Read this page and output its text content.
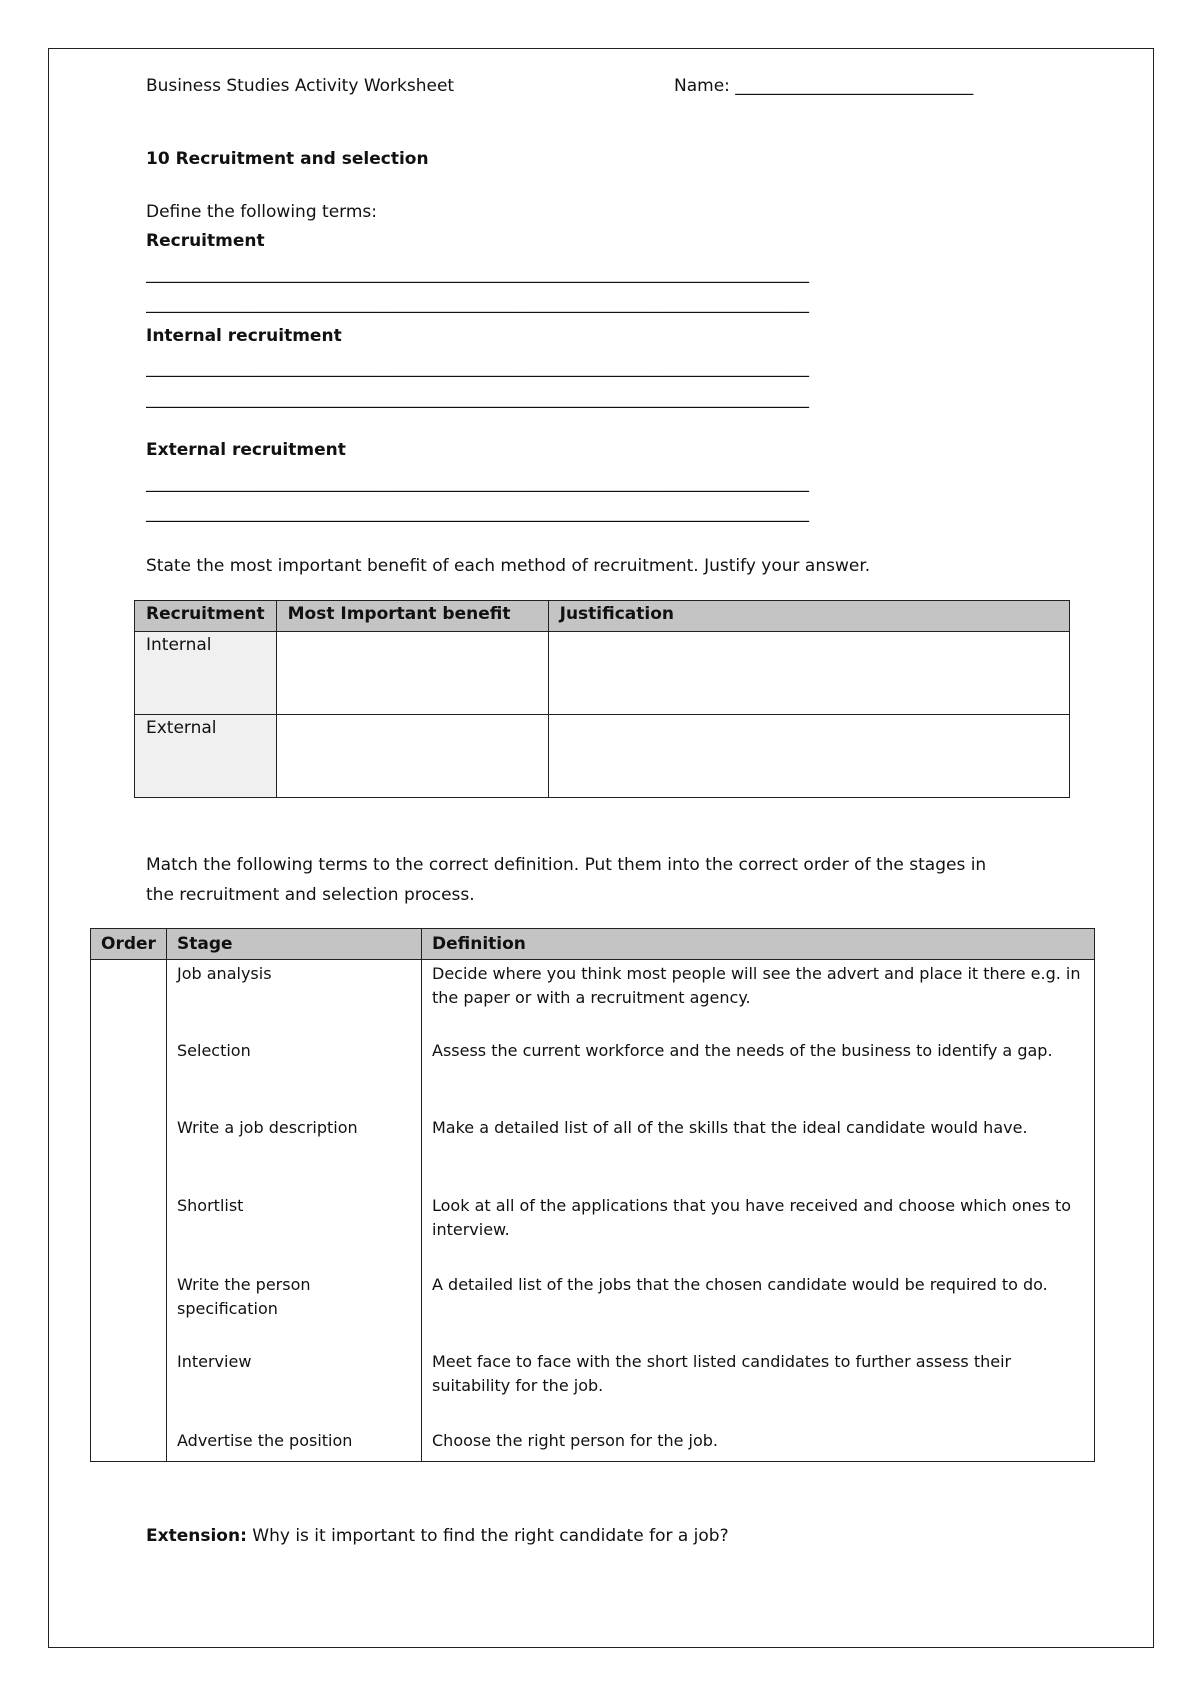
Business Studies Activity Worksheet	Name: ____________________________
10 Recruitment and selection
Define the following terms:
Recruitment
______________________________________________________________________________
______________________________________________________________________________
Internal recruitment
______________________________________________________________________________
______________________________________________________________________________
External recruitment
______________________________________________________________________________
______________________________________________________________________________
State the most important benefit of each method of recruitment. Justify your answer.
Recruitment	Most Important benefit	Justification
Internal		
External		
Match the following terms to the correct definition. Put them into the correct order of the stages in
the recruitment and selection process.
Order	Stage	Definition
	Job analysis	Decide where you think most people will see the advert and place it there e.g. in the paper or with a recruitment agency.
	Selection	Assess the current workforce and the needs of the business to identify a gap.
	Write a job description	Make a detailed list of all of the skills that the ideal candidate would have.
	Shortlist	Look at all of the applications that you have received and choose which ones to interview.
	Write the person specification	A detailed list of the jobs that the chosen candidate would be required to do.
	Interview	Meet face to face with the short listed candidates to further assess their suitability for the job.
	Advertise the position	Choose the right person for the job.
Extension: Why is it important to find the right candidate for a job?
